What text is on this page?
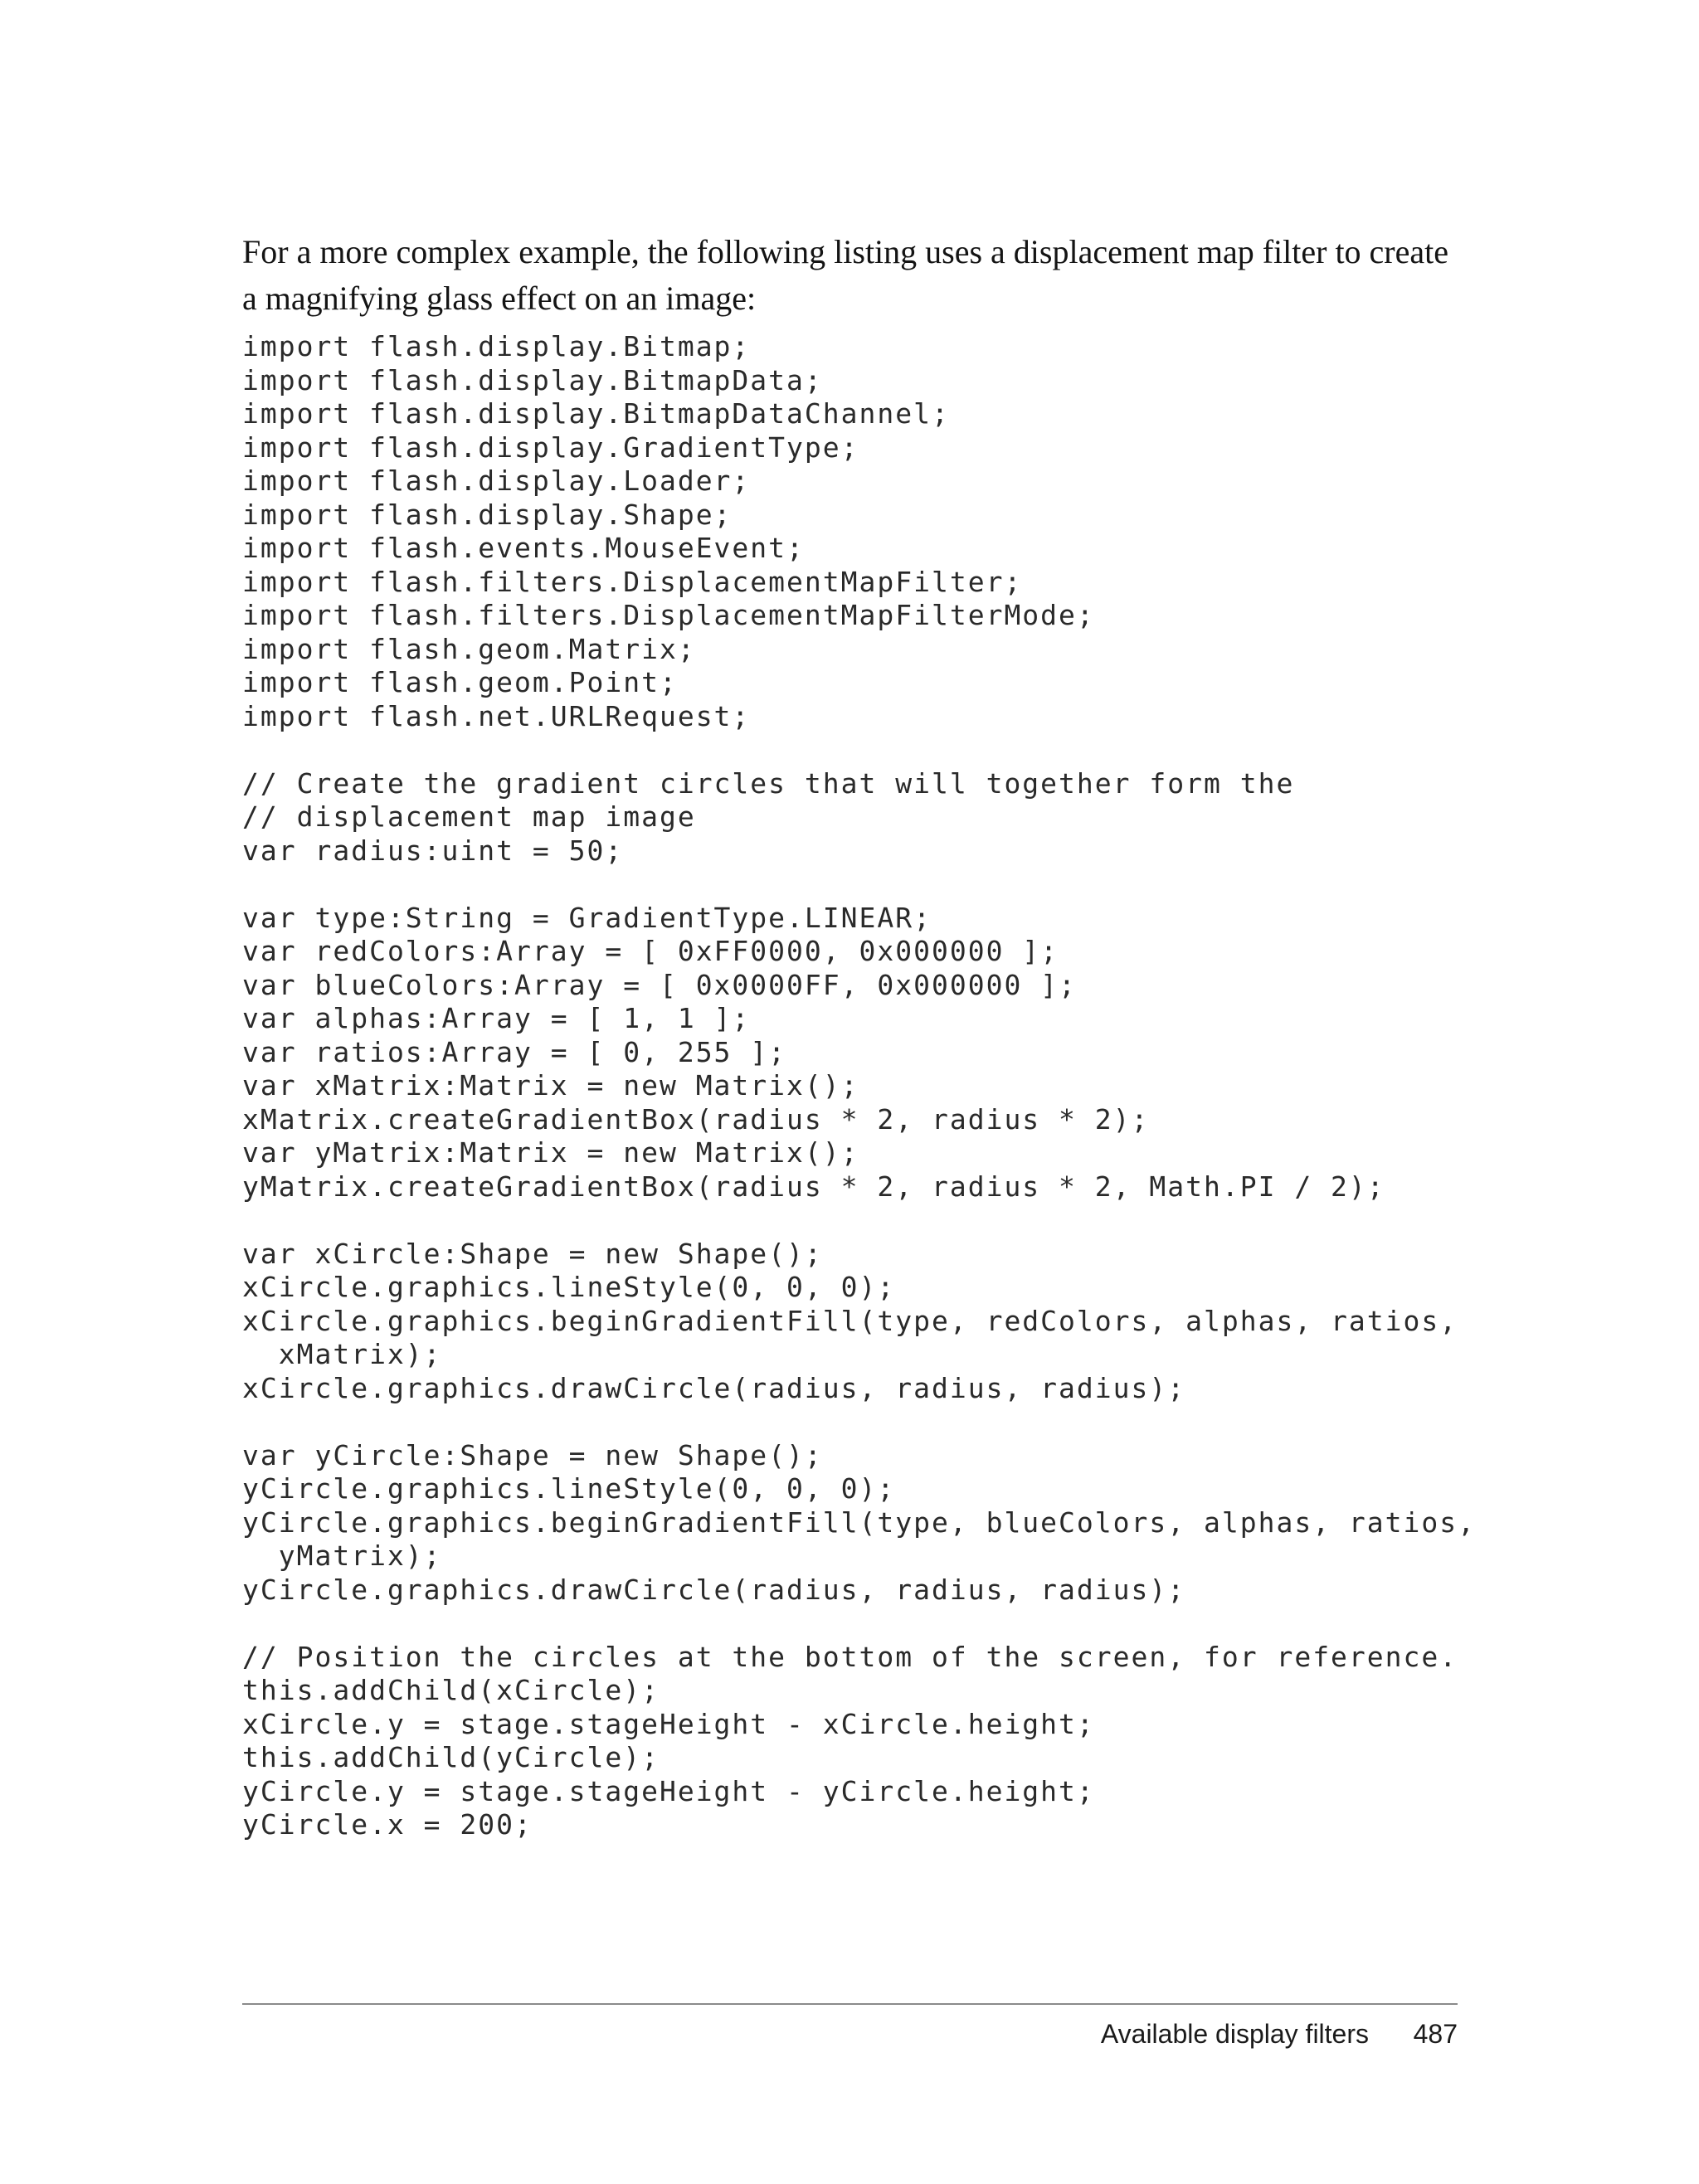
For a more complex example, the following listing uses a displacement map filter to create a magnifying glass effect on an image:

import flash.display.Bitmap;
import flash.display.BitmapData;
import flash.display.BitmapDataChannel;
import flash.display.GradientType;
import flash.display.Loader;
import flash.display.Shape;
import flash.events.MouseEvent;
import flash.filters.DisplacementMapFilter;
import flash.filters.DisplacementMapFilterMode;
import flash.geom.Matrix;
import flash.geom.Point;
import flash.net.URLRequest;
// Create the gradient circles that will together form the
// displacement map image
var radius:uint = 50;
var type:String = GradientType.LINEAR;
var redColors:Array = [ 0xFF0000, 0x000000 ];
var blueColors:Array = [ 0x0000FF, 0x000000 ];
var alphas:Array = [ 1, 1 ];
var ratios:Array = [ 0, 255 ];
var xMatrix:Matrix = new Matrix();
xMatrix.createGradientBox(radius * 2, radius * 2);
var yMatrix:Matrix = new Matrix();
yMatrix.createGradientBox(radius * 2, radius * 2, Math.PI / 2);
var xCircle:Shape = new Shape();
xCircle.graphics.lineStyle(0, 0, 0);
xCircle.graphics.beginGradientFill(type, redColors, alphas, ratios,
xMatrix);
xCircle.graphics.drawCircle(radius, radius, radius);
var yCircle:Shape = new Shape();
yCircle.graphics.lineStyle(0, 0, 0);
yCircle.graphics.beginGradientFill(type, blueColors, alphas, ratios,
yMatrix);
yCircle.graphics.drawCircle(radius, radius, radius);
// Position the circles at the bottom of the screen, for reference.
this.addChild(xCircle);
xCircle.y = stage.stageHeight - xCircle.height;
this.addChild(yCircle);
yCircle.y = stage.stageHeight - yCircle.height;
yCircle.x = 200;
Available display filters 487
